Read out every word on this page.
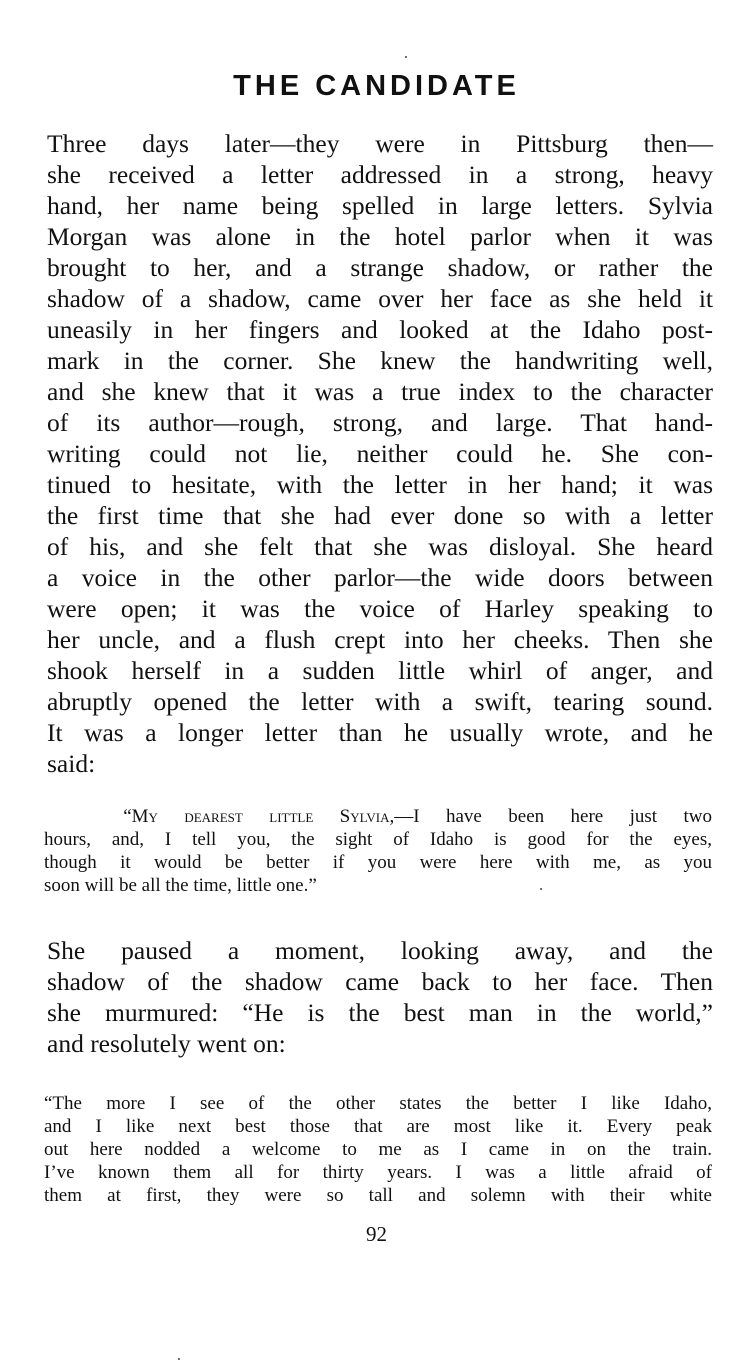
THE CANDIDATE

Three days later—they were in Pittsburg then—
she received a letter addressed in a strong, heavy
hand, her name being spelled in large letters. Sylvia
Morgan was alone in the hotel parlor when it was
brought to her, and a strange shadow, or rather the
shadow of a shadow, came over her face as she held it
uneasily in her fingers and looked at the Idaho post-
mark in the corner. She knew the handwriting well,
and she knew that it was a true index to the character
of its author—rough, strong, and large. That hand-
writing could not lie, neither could he. She con-
tinued to hesitate, with the letter in her hand; it was
the first time that she had ever done so with a letter
of his, and she felt that she was disloyal. She heard
a voice in the other parlor—the wide doors between
were open; it was the voice of Harley speaking to
her uncle, and a flush crept into her cheeks. Then she
shook herself in a sudden little whirl of anger, and
abruptly opened the letter with a swift, tearing sound.
It was a longer letter than he usually wrote, and he
said:

“My dearest little Sylvia,—I have been here just two
hours, and, I tell you, the sight of Idaho is good for the eyes,
though it would be better if you were here with me, as you
soon will be all the time, little one.”

She paused a moment, looking away, and the
shadow of the shadow came back to her face. Then
she murmured: “He is the best man in the world,”
and resolutely went on:

“The more I see of the other states the better I like Idaho,
and I like next best those that are most like it. Every peak
out here nodded a welcome to me as I came in on the train.
I’ve known them all for thirty years. I was a little afraid of
them at first, they were so tall and solemn with their white

92
